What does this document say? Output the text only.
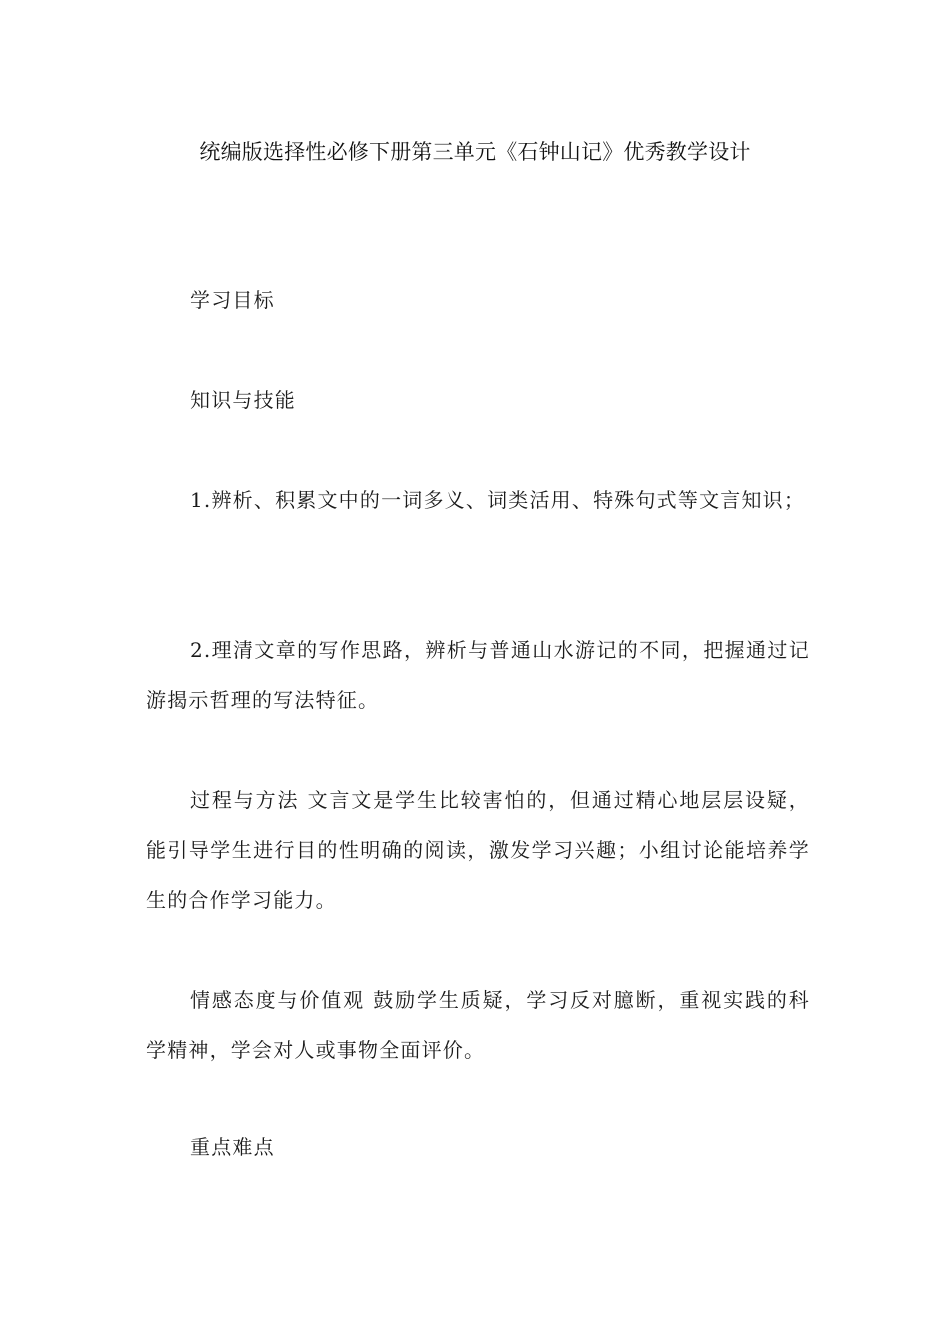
统编版选择性必修下册第三单元《石钟山记》优秀教学设计

学习目标

知识与技能

1.辨析、积累文中的一词多义、词类活用、特殊句式等文言知识；

2.理清文章的写作思路，辨析与普通山水游记的不同，把握通过记游揭示哲理的写法特征。

过程与方法 文言文是学生比较害怕的，但通过精心地层层设疑，能引导学生进行目的性明确的阅读，激发学习兴趣；小组讨论能培养学生的合作学习能力。

情感态度与价值观 鼓励学生质疑，学习反对臆断，重视实践的科学精神，学会对人或事物全面评价。

重点难点
